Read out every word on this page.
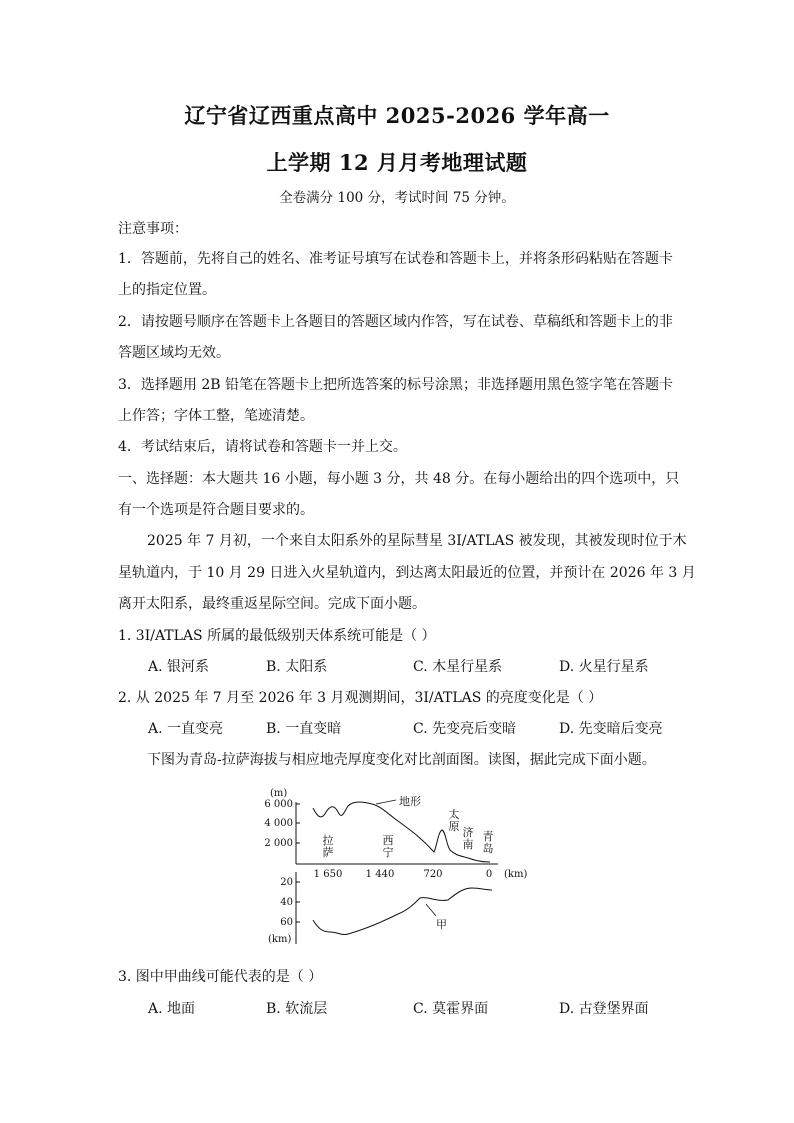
辽宁省辽西重点高中 2025-2026 学年高一
上学期 12 月月考地理试题
全卷满分 100 分，考试时间 75 分钟。
注意事项：
1．答题前，先将自己的姓名、准考证号填写在试卷和答题卡上，并将条形码粘贴在答题卡
上的指定位置。
2．请按题号顺序在答题卡上各题目的答题区域内作答，写在试卷、草稿纸和答题卡上的非
答题区域均无效。
3．选择题用 2B 铅笔在答题卡上把所选答案的标号涂黑；非选择题用黑色签字笔在答题卡
上作答；字体工整，笔迹清楚。
4．考试结束后，请将试卷和答题卡一并上交。
一、选择题：本大题共 16 小题，每小题 3 分，共 48 分。在每小题给出的四个选项中，只
有一个选项是符合题目要求的。
2025 年 7 月初，一个来自太阳系外的星际彗星 3I/ATLAS 被发现，其被发现时位于木
星轨道内，于 10 月 29 日进入火星轨道内，到达离太阳最近的位置，并预计在 2026 年 3 月
离开太阳系，最终重返星际空间。完成下面小题。
1. 3I/ATLAS 所属的最低级别天体系统可能是（ ）
A. 银河系	B. 太阳系	C. 木星行星系	D. 火星行星系
2. 从 2025 年 7 月至 2026 年 3 月观测期间，3I/ATLAS 的亮度变化是（ ）
A. 一直变亮	B. 一直变暗	C. 先变亮后变暗	D. 先变暗后变亮
下图为青岛-拉萨海拔与相应地壳厚度变化对比剖面图。读图，据此完成下面小题。
(m)
6 000
4 000
2 000
1 650 1 440	720	0 (km)
地形
拉
萨
西
宁
太
原 济
南
青
岛
20
40
60
(km)
甲
3. 图中甲曲线可能代表的是（ ）
A. 地面	B. 软流层	C. 莫霍界面	D. 古登堡界面
